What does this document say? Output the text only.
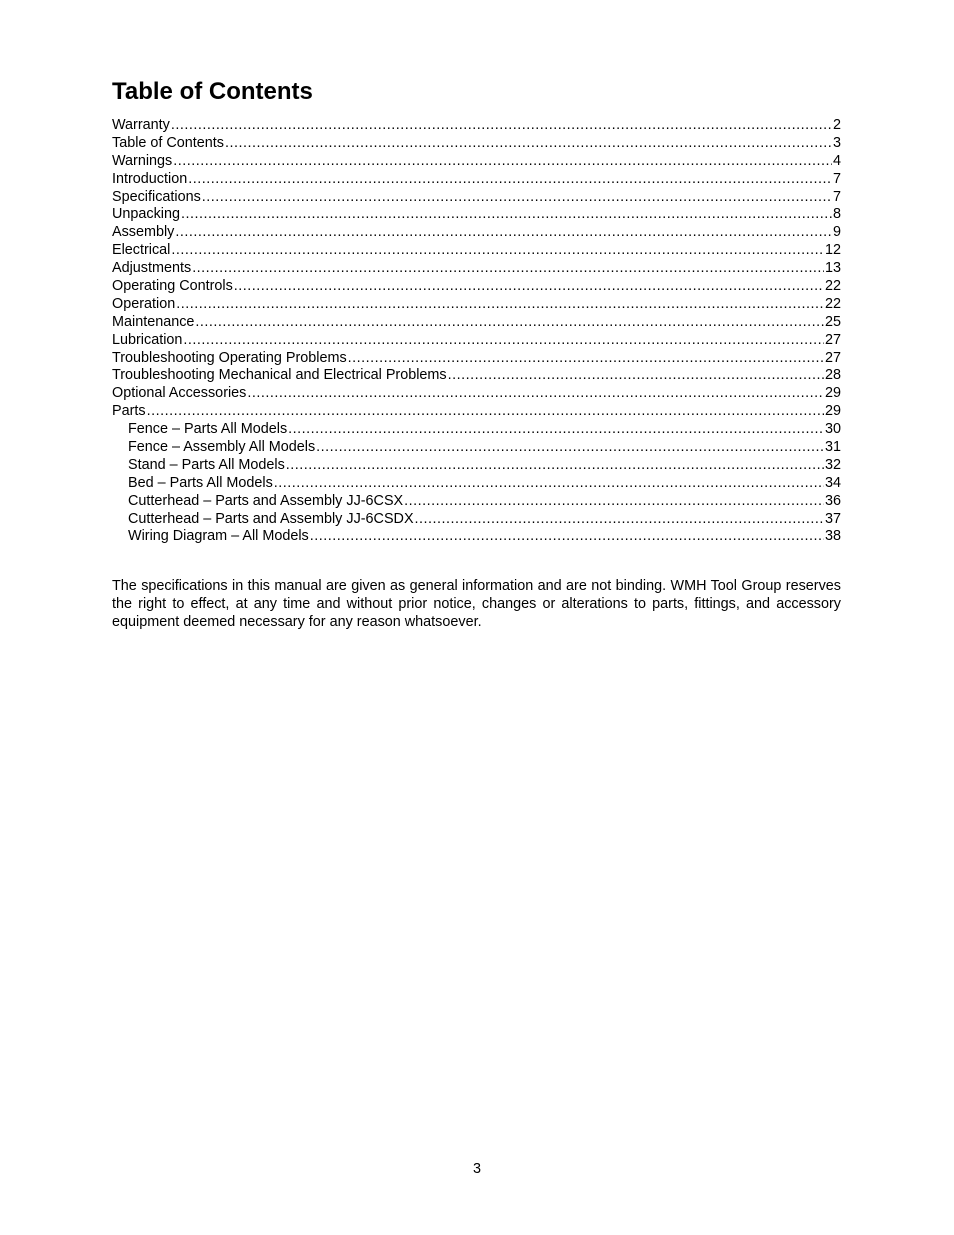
Table of Contents
Warranty .....	2
Table of Contents .....	3
Warnings .....	4
Introduction .....	7
Specifications .....	7
Unpacking .....	8
Assembly .....	9
Electrical .....	12
Adjustments .....	13
Operating Controls .....	22
Operation .....	22
Maintenance .....	25
Lubrication .....	27
Troubleshooting Operating Problems .....	27
Troubleshooting Mechanical and Electrical Problems .....	28
Optional Accessories .....	29
Parts .....	29
Fence – Parts All Models .....	30
Fence – Assembly All Models .....	31
Stand – Parts All Models .....	32
Bed – Parts All Models .....	34
Cutterhead – Parts and Assembly JJ-6CSX .....	36
Cutterhead – Parts and Assembly JJ-6CSDX .....	37
Wiring Diagram – All Models .....	38

The specifications in this manual are given as general information and are not binding. WMH Tool Group reserves the right to effect, at any time and without prior notice, changes or alterations to parts, fittings, and accessory equipment deemed necessary for any reason whatsoever.

3
